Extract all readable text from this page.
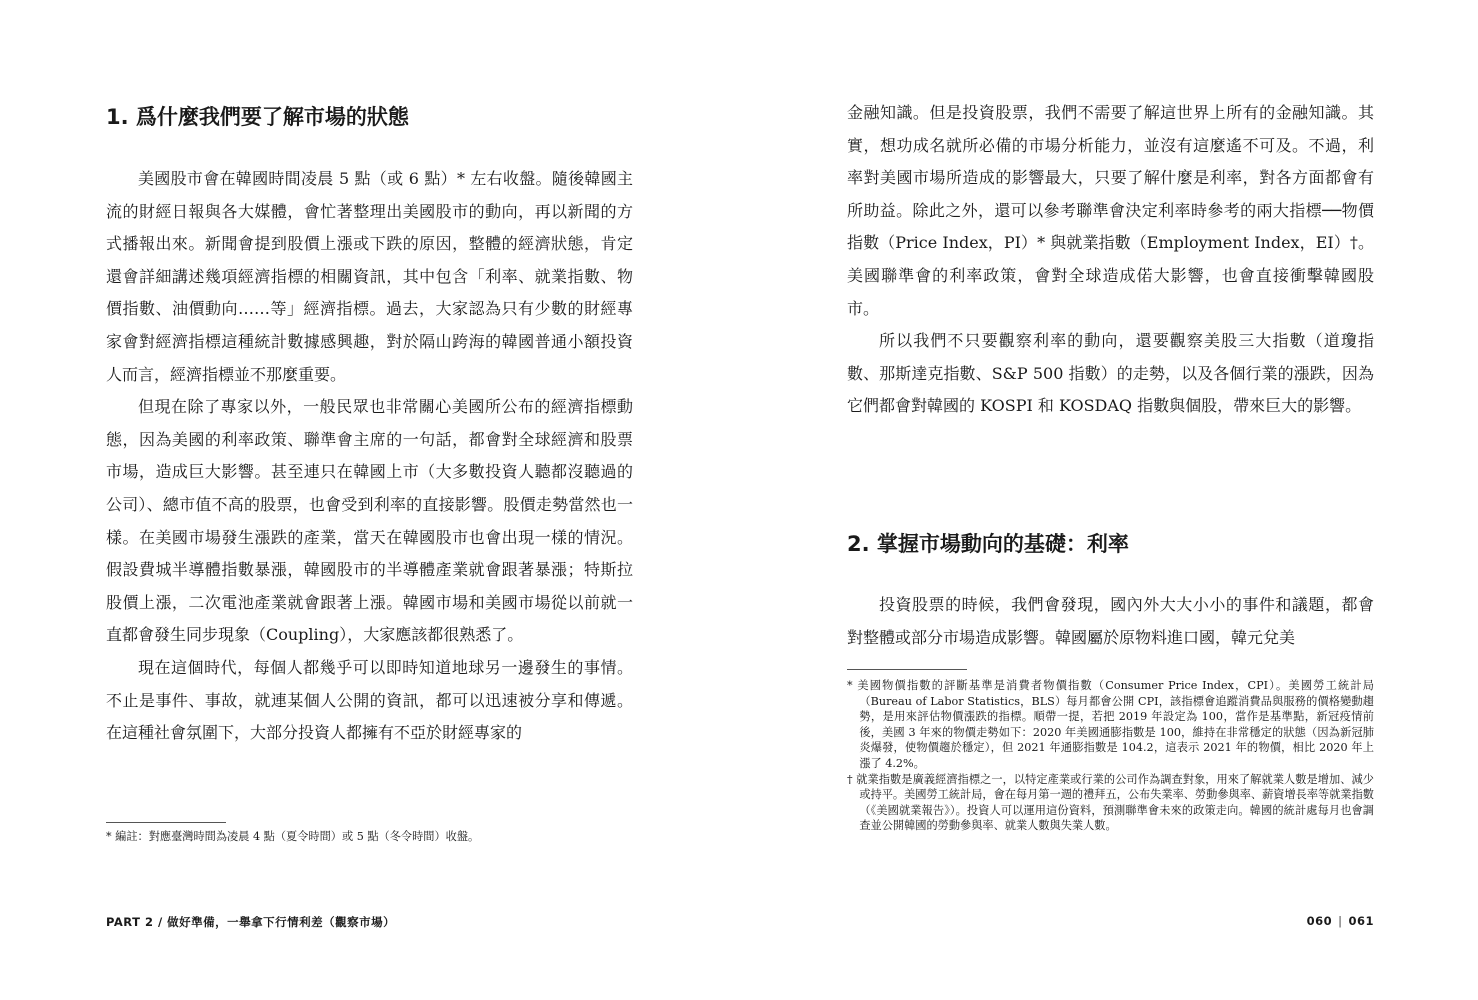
1. 爲什麼我們要了解市場的狀態

美國股市會在韓國時間凌晨 5 點（或 6 點）* 左右收盤。隨後韓國主流的財經日報與各大媒體，會忙著整理出美國股市的動向，再以新聞的方式播報出來。新聞會提到股價上漲或下跌的原因，整體的經濟狀態，肯定還會詳細講述幾項經濟指標的相關資訊，其中包含「利率、就業指數、物價指數、油價動向……等」經濟指標。過去，大家認為只有少數的財經專家會對經濟指標這種統計數據感興趣，對於隔山跨海的韓國普通小額投資人而言，經濟指標並不那麼重要。

但現在除了專家以外，一般民眾也非常關心美國所公布的經濟指標動態，因為美國的利率政策、聯準會主席的一句話，都會對全球經濟和股票市場，造成巨大影響。甚至連只在韓國上市（大多數投資人聽都沒聽過的公司）、總市值不高的股票，也會受到利率的直接影響。股價走勢當然也一樣。在美國市場發生漲跌的產業，當天在韓國股市也會出現一樣的情況。假設費城半導體指數暴漲，韓國股市的半導體產業就會跟著暴漲；特斯拉股價上漲，二次電池產業就會跟著上漲。韓國市場和美國市場從以前就一直都會發生同步現象（Coupling），大家應該都很熟悉了。

現在這個時代，每個人都幾乎可以即時知道地球另一邊發生的事情。不止是事件、事故，就連某個人公開的資訊，都可以迅速被分享和傳遞。在這種社會氛圍下，大部分投資人都擁有不亞於財經專家的

* 編註：對應臺灣時間為凌晨 4 點（夏令時間）或 5 點（冬令時間）收盤。

金融知識。但是投資股票，我們不需要了解這世界上所有的金融知識。其實，想功成名就所必備的市場分析能力，並沒有這麼遙不可及。不過，利率對美國市場所造成的影響最大，只要了解什麼是利率，對各方面都會有所助益。除此之外，還可以參考聯準會決定利率時參考的兩大指標──物價指數（Price Index，PI）* 與就業指數（Employment Index，EI）†。美國聯準會的利率政策，會對全球造成偌大影響，也會直接衝擊韓國股市。

所以我們不只要觀察利率的動向，還要觀察美股三大指數（道瓊指數、那斯達克指數、S&P 500 指數）的走勢，以及各個行業的漲跌，因為它們都會對韓國的 KOSPI 和 KOSDAQ 指數與個股，帶來巨大的影響。

2. 掌握市場動向的基礎：利率

投資股票的時候，我們會發現，國內外大大小小的事件和議題，都會對整體或部分市場造成影響。韓國屬於原物料進口國，韓元兌美

* 美國物價指數的評斷基準是消費者物價指數（Consumer Price Index，CPI）。美國勞工統計局（Bureau of Labor Statistics，BLS）每月都會公開 CPI，該指標會追蹤消費品與服務的價格變動趨勢，是用來評估物價漲跌的指標。順帶一提，若把 2019 年設定為 100，當作是基準點，新冠疫情前後，美國 3 年來的物價走勢如下：2020 年美國通膨指數是 100，維持在非常穩定的狀態（因為新冠肺炎爆發，使物價趨於穩定），但 2021 年通膨指數是 104.2，這表示 2021 年的物價，相比 2020 年上漲了 4.2%。

† 就業指數是廣義經濟指標之一，以特定產業或行業的公司作為調查對象，用來了解就業人數是增加、減少或持平。美國勞工統計局，會在每月第一週的禮拜五，公布失業率、勞動參與率、薪資增長率等就業指數（《美國就業報告》）。投資人可以運用這份資料，預測聯準會未來的政策走向。韓國的統計處每月也會調查並公開韓國的勞動參與率、就業人數與失業人數。

PART 2 / 做好準備，一舉拿下行情利差（觀察市場）	060 | 061
